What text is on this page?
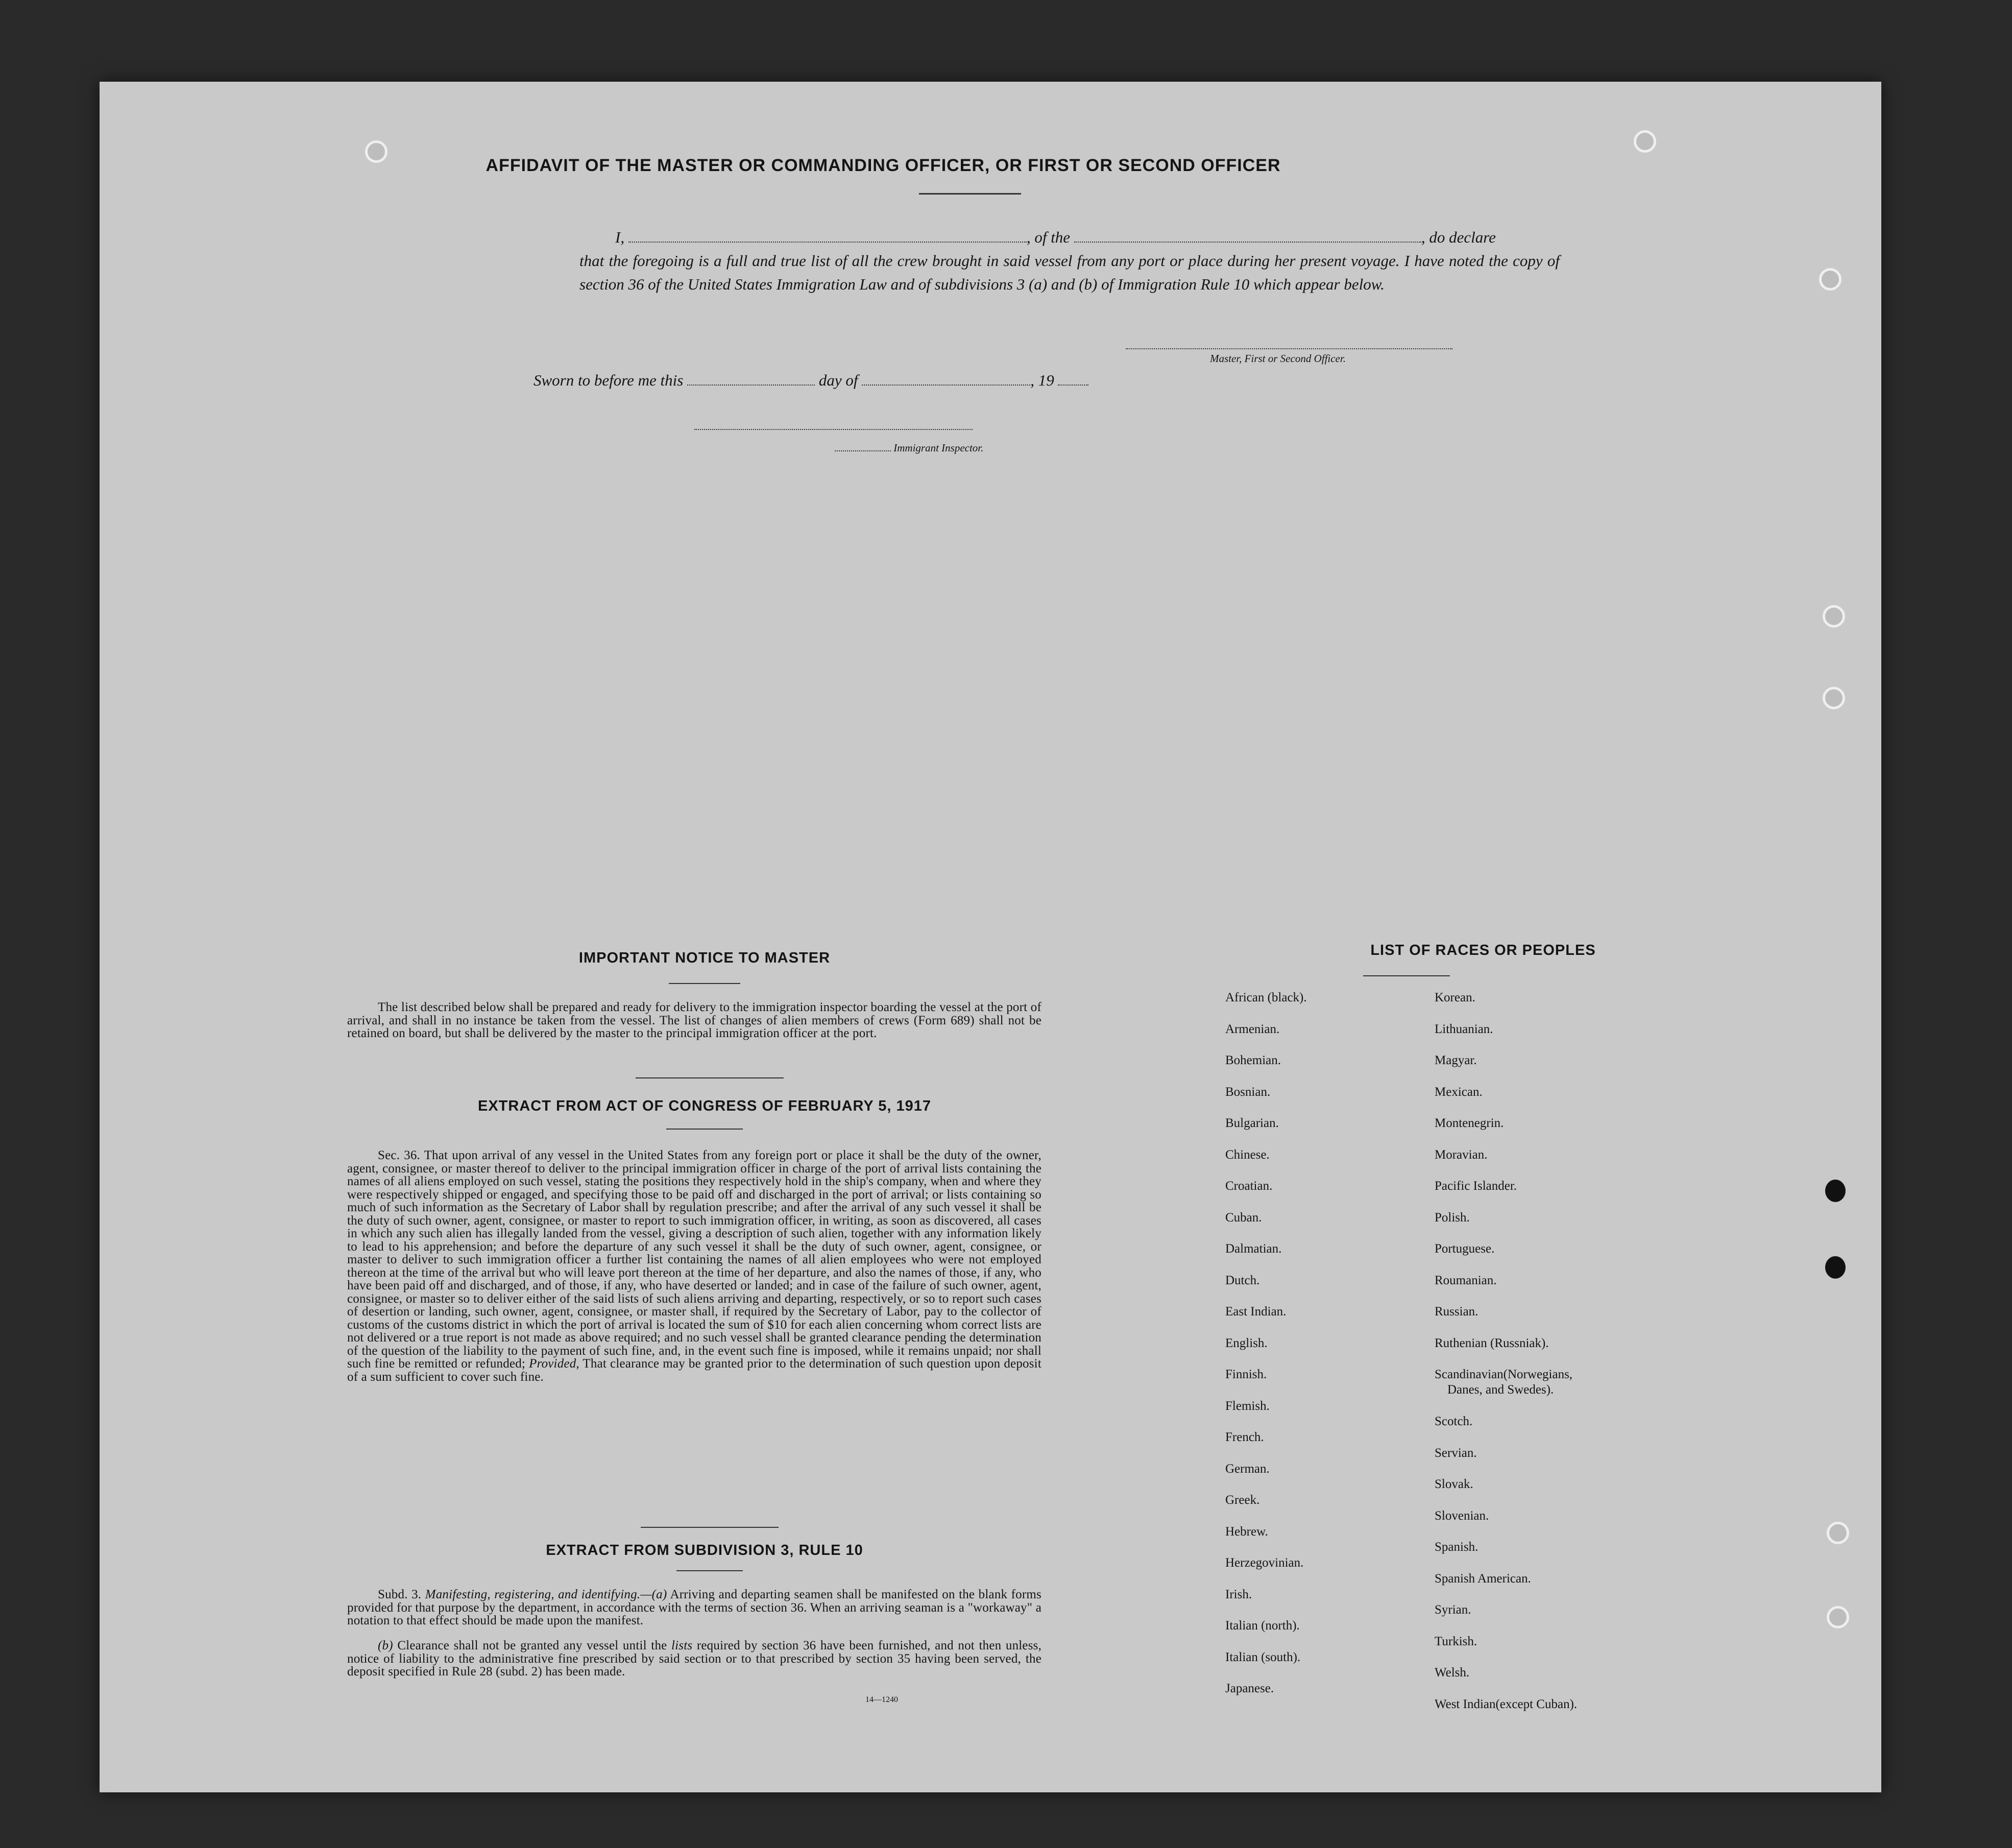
AFFIDAVIT OF THE MASTER OR COMMANDING OFFICER, OR FIRST OR SECOND OFFICER
I,	, of the	, do declare
that the foregoing is a full and true list of all the crew brought in said vessel from any port or place during her present voyage. I have noted the copy of section 36 of the United States Immigration Law and of subdivisions 3 (a) and (b) of Immigration Rule 10 which appear below.
Master, First or Second Officer.
Sworn to before me this	day of	, 19
Immigrant Inspector.
IMPORTANT NOTICE TO MASTER
The list described below shall be prepared and ready for delivery to the immigration inspector boarding the vessel at the port of arrival, and shall in no instance be taken from the vessel. The list of changes of alien members of crews (Form 689) shall not be retained on board, but shall be delivered by the master to the principal immigration officer at the port.
EXTRACT FROM ACT OF CONGRESS OF FEBRUARY 5, 1917
Sec. 36. That upon arrival of any vessel in the United States from any foreign port or place it shall be the duty of the owner, agent, consignee, or master thereof to deliver to the principal immigration officer in charge of the port of arrival lists containing the names of all aliens employed on such vessel, stating the positions they respectively hold in the ship's company, when and where they were respectively shipped or engaged, and specifying those to be paid off and discharged in the port of arrival; or lists containing so much of such information as the Secretary of Labor shall by regulation prescribe; and after the arrival of any such vessel it shall be the duty of such owner, agent, consignee, or master to report to such immigration officer, in writing, as soon as discovered, all cases in which any such alien has illegally landed from the vessel, giving a description of such alien, together with any information likely to lead to his apprehension; and before the departure of any such vessel it shall be the duty of such owner, agent, consignee, or master to deliver to such immigration officer a further list containing the names of all alien employees who were not employed thereon at the time of the arrival but who will leave port thereon at the time of her departure, and also the names of those, if any, who have been paid off and discharged, and of those, if any, who have deserted or landed; and in case of the failure of such owner, agent, consignee, or master so to deliver either of the said lists of such aliens arriving and departing, respectively, or so to report such cases of desertion or landing, such owner, agent, consignee, or master shall, if required by the Secretary of Labor, pay to the collector of customs of the customs district in which the port of arrival is located the sum of $10 for each alien concerning whom correct lists are not delivered or a true report is not made as above required; and no such vessel shall be granted clearance pending the determination of the question of the liability to the payment of such fine, and, in the event such fine is imposed, while it remains unpaid; nor shall such fine be remitted or refunded; Provided, That clearance may be granted prior to the determination of such question upon deposit of a sum sufficient to cover such fine.
EXTRACT FROM SUBDIVISION 3, RULE 10
Subd. 3. Manifesting, registering, and identifying.—(a) Arriving and departing seamen shall be manifested on the blank forms provided for that purpose by the department, in accordance with the terms of section 36. When an arriving seaman is a "workaway" a notation to that effect should be made upon the manifest.
(b) Clearance shall not be granted any vessel until the lists required by section 36 have been furnished, and not then unless, notice of liability to the administrative fine prescribed by said section or to that prescribed by section 35 having been served, the deposit specified in Rule 28 (subd. 2) has been made.
14—1240
LIST OF RACES OR PEOPLES
African (black).
Armenian.
Bohemian.
Bosnian.
Bulgarian.
Chinese.
Croatian.
Cuban.
Dalmatian.
Dutch.
East Indian.
English.
Finnish.
Flemish.
French.
German.
Greek.
Hebrew.
Herzegovinian.
Irish.
Italian (north).
Italian (south).
Japanese.
Korean.
Lithuanian.
Magyar.
Mexican.
Montenegrin.
Moravian.
Pacific Islander.
Polish.
Portuguese.
Roumanian.
Russian.
Ruthenian (Russniak).
Scandinavian(Norwegians,
Danes, and Swedes).
Scotch.
Servian.
Slovak.
Slovenian.
Spanish.
Spanish American.
Syrian.
Turkish.
Welsh.
West Indian(except Cuban).
